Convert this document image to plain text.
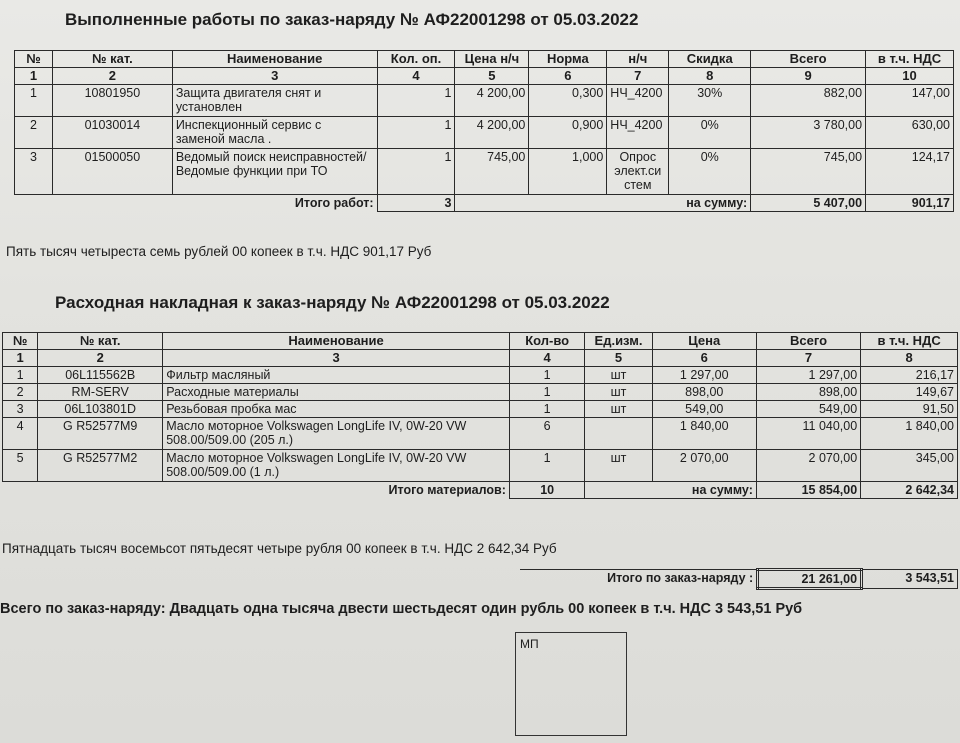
Выполненные работы по заказ-наряду № АФ22001298 от 05.03.2022
№	№ кат.	Наименование	Кол. оп.	Цена н/ч	Норма	н/ч	Скидка	Всего	в т.ч. НДС
1	2	3	4	5	6	7	8	9	10
1	10801950	Защита двигателя снят и установлен	1	4 200,00	0,300	НЧ_4200	30%	882,00	147,00
2	01030014	Инспекционный сервис с заменой масла .	1	4 200,00	0,900	НЧ_4200	0%	3 780,00	630,00
3	01500050	Ведомый поиск неисправностей/Ведомые функции при ТО	1	745,00	1,000	Опрос элект.си стем	0%	745,00	124,17
		Итого работ:	3	на сумму:				5 407,00	901,17
Пять тысяч четыреста семь рублей 00 копеек в т.ч. НДС 901,17 Руб
Расходная накладная к заказ-наряду № АФ22001298 от 05.03.2022
№	№ кат.	Наименование	Кол-во	Ед.изм.	Цена	Всего	в т.ч. НДС
1	2	3	4	5	6	7	8
1	06L115562B	Фильтр масляный	1	шт	1 297,00	1 297,00	216,17
2	RM-SERV	Расходные материалы	1	шт	898,00	898,00	149,67
3	06L103801D	Резьбовая пробка мас	1	шт	549,00	549,00	91,50
4	G R52577M9	Масло моторное Volkswagen LongLife IV, 0W-20 VW 508.00/509.00 (205 л.)	6		1 840,00	11 040,00	1 840,00
5	G R52577M2	Масло моторное Volkswagen LongLife IV, 0W-20 VW 508.00/509.00 (1 л.)	1	шт	2 070,00	2 070,00	345,00
		Итого материалов:	10	на сумму:		15 854,00	2 642,34
Пятнадцать тысяч восемьсот пятьдесят четыре рубля 00 копеек в т.ч. НДС 2 642,34 Руб
Итого по заказ-наряду :	21 261,00	3 543,51
Всего по заказ-наряду: Двадцать одна тысяча двести шестьдесят один рубль 00 копеек в т.ч. НДС 3 543,51 Руб
МП
